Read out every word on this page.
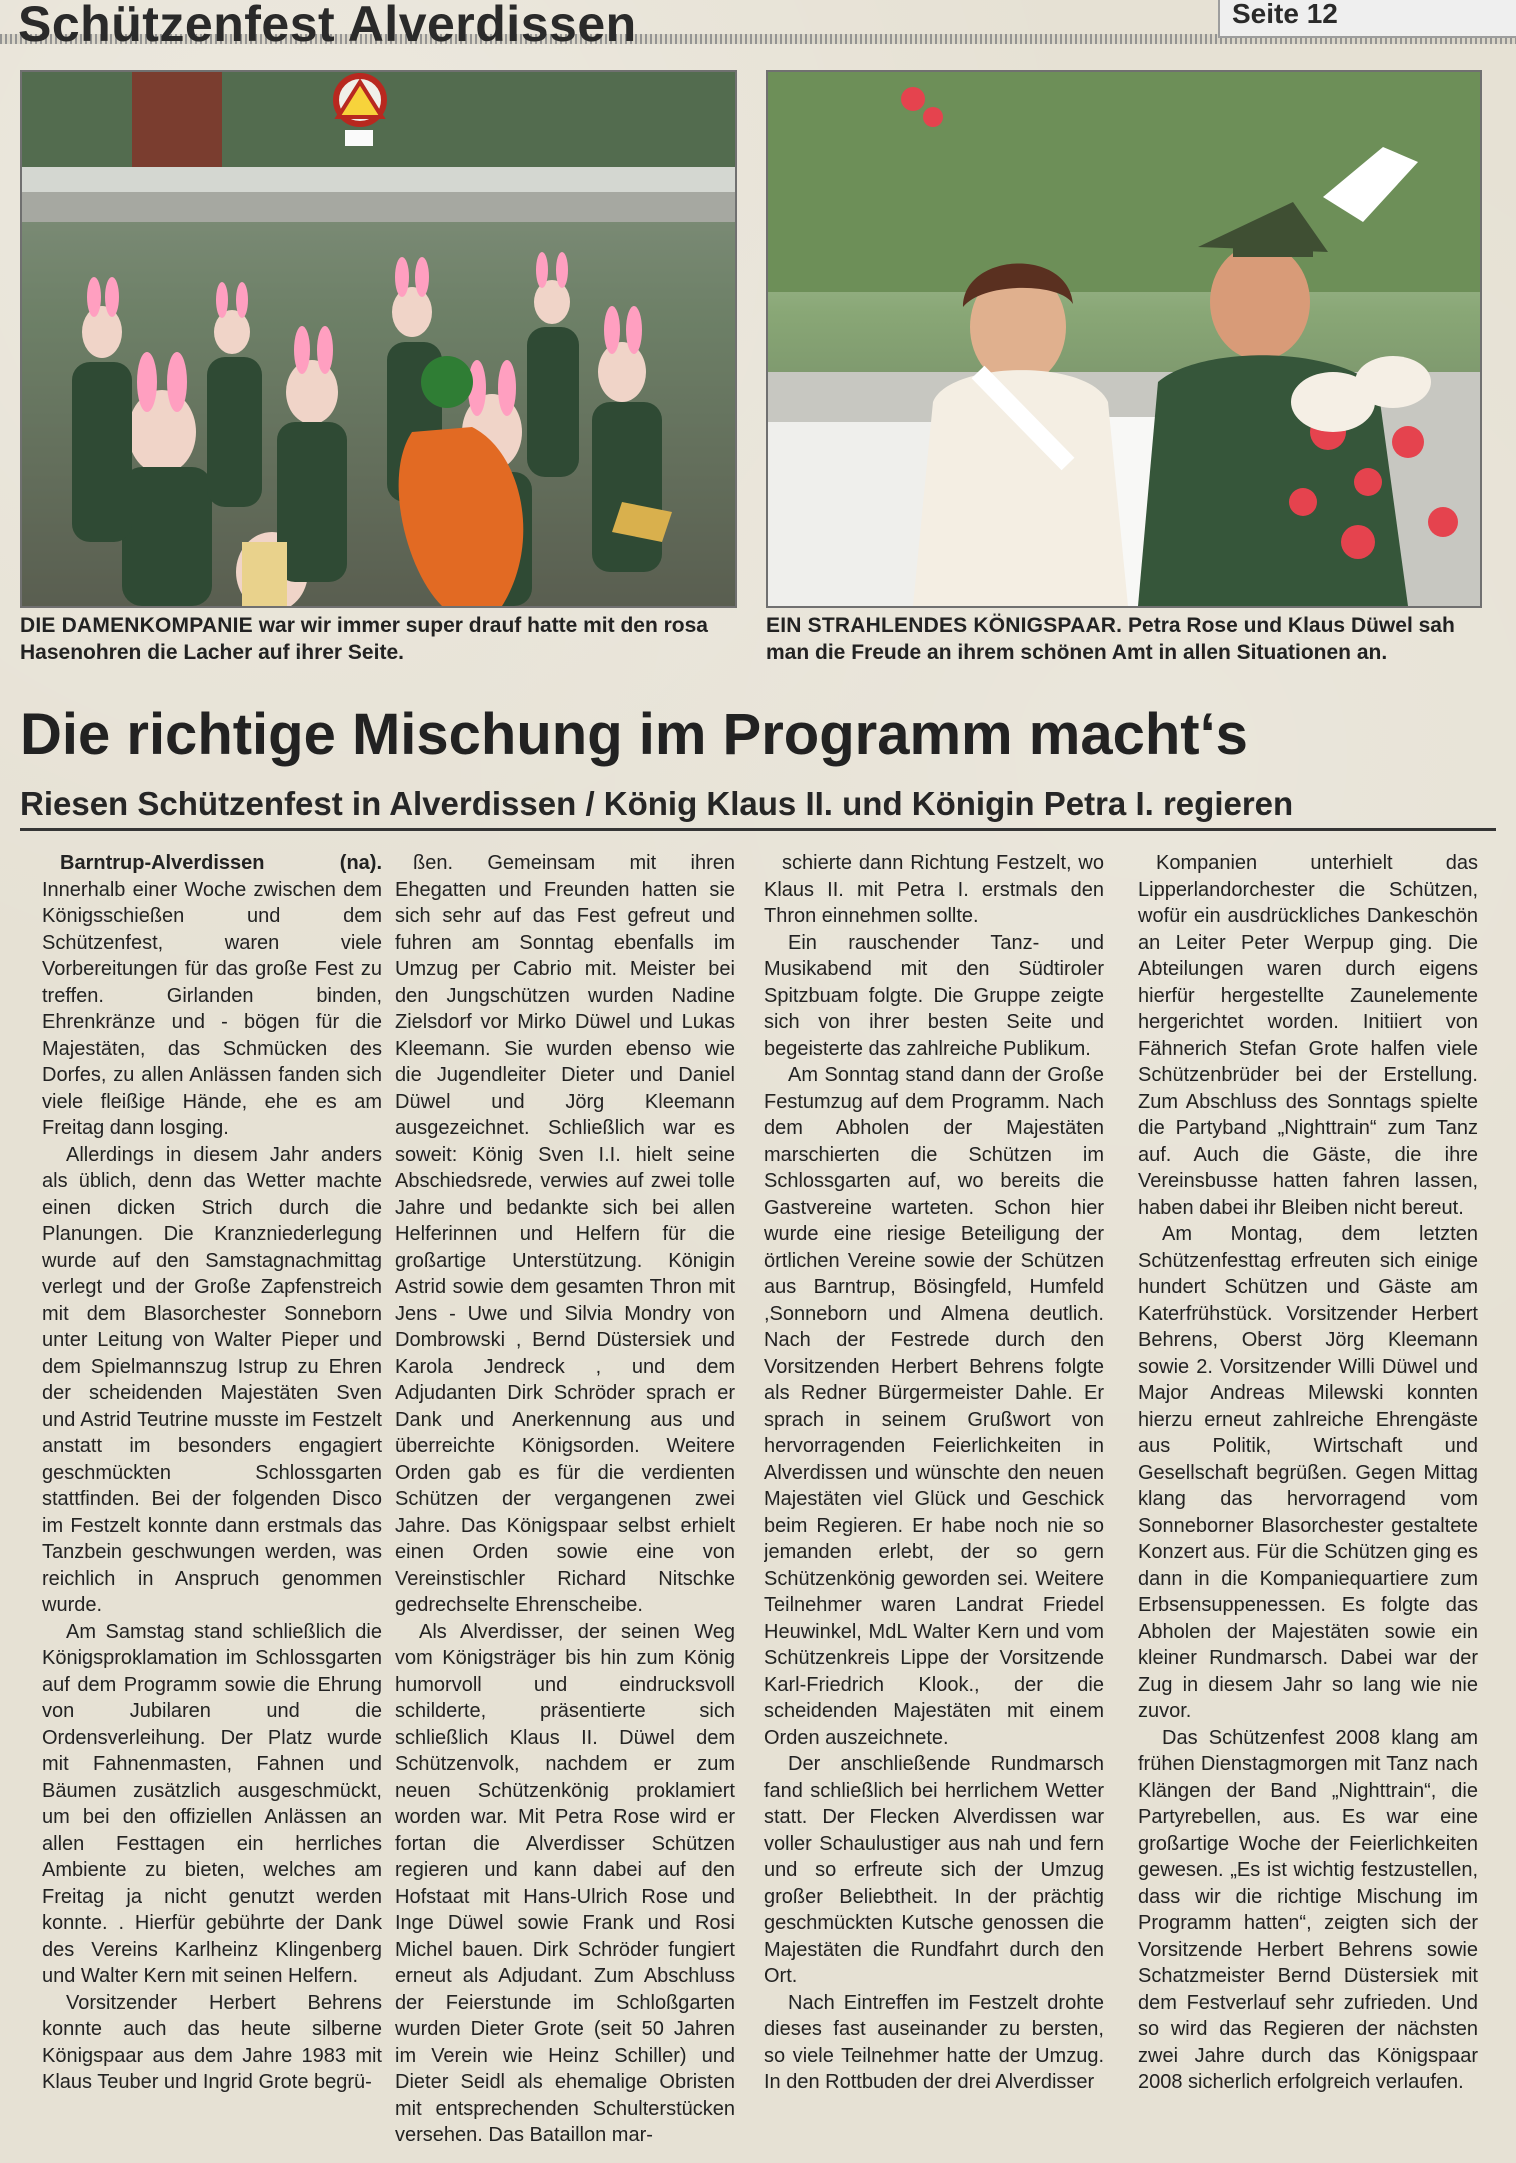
Schützenfest Alverdissen	Seite 12
DIE DAMENKOMPANIE war wir immer super drauf hatte mit den rosa Hasenohren die Lacher auf ihrer Seite.
EIN STRAHLENDES KÖNIGSPAAR. Petra Rose und Klaus Düwel sah man die Freude an ihrem schönen Amt in allen Situationen an.
Die richtige Mischung im Programm macht‘s
Riesen Schützenfest in Alverdissen / König Klaus II. und Königin Petra I. regieren

Barntrup-Alverdissen (na). Innerhalb einer Woche zwischen dem Königsschießen und dem Schützenfest, waren viele Vorbereitungen für das große Fest zu treffen. Girlanden binden, Ehrenkränze und - bögen für die Majestäten, das Schmücken des Dorfes, zu allen Anlässen fanden sich viele fleißige Hände, ehe es am Freitag dann losging.

Allerdings in diesem Jahr anders als üblich, denn das Wetter machte einen dicken Strich durch die Planungen. Die Kranzniederlegung wurde auf den Samstagnachmittag verlegt und der Große Zapfenstreich mit dem Blasorchester Sonneborn unter Leitung von Walter Pieper und dem Spielmannszug Istrup zu Ehren der scheidenden Majestäten Sven und Astrid Teutrine musste im Festzelt anstatt im besonders engagiert geschmückten Schlossgarten stattfinden. Bei der folgenden Disco im Festzelt konnte dann erstmals das Tanzbein geschwungen werden, was reichlich in Anspruch genommen wurde.

Am Samstag stand schließlich die Königsproklamation im Schlossgarten auf dem Programm sowie die Ehrung von Jubilaren und die Ordensverleihung. Der Platz wurde mit Fahnenmasten, Fahnen und Bäumen zusätzlich ausgeschmückt, um bei den offiziellen Anlässen an allen Festtagen ein herrliches Ambiente zu bieten, welches am Freitag ja nicht genutzt werden konnte. . Hierfür gebührte der Dank des Vereins Karlheinz Klingenberg und Walter Kern mit seinen Helfern.

Vorsitzender Herbert Behrens konnte auch das heute silberne Königspaar aus dem Jahre 1983 mit Klaus Teuber und Ingrid Grote begrü-

ßen. Gemeinsam mit ihren Ehegatten und Freunden hatten sie sich sehr auf das Fest gefreut und fuhren am Sonntag ebenfalls im Umzug per Cabrio mit. Meister bei den Jungschützen wurden Nadine Zielsdorf vor Mirko Düwel und Lukas Kleemann. Sie wurden ebenso wie die Jugendleiter Dieter und Daniel Düwel und Jörg Kleemann ausgezeichnet. Schließlich war es soweit: König Sven I.I. hielt seine Abschiedsrede, verwies auf zwei tolle Jahre und bedankte sich bei allen Helferinnen und Helfern für die großartige Unterstützung. Königin Astrid sowie dem gesamten Thron mit Jens - Uwe und Silvia Mondry von Dombrowski , Bernd Düstersiek und Karola Jendreck , und dem Adjudanten Dirk Schröder sprach er Dank und Anerkennung aus und überreichte Königsorden. Weitere Orden gab es für die verdienten Schützen der vergangenen zwei Jahre. Das Königspaar selbst erhielt einen Orden sowie eine von Vereinstischler Richard Nitschke gedrechselte Ehrenscheibe.

Als Alverdisser, der seinen Weg vom Königsträger bis hin zum König humorvoll und eindrucksvoll schilderte, präsentierte sich schließlich Klaus II. Düwel dem Schützenvolk, nachdem er zum neuen Schützenkönig proklamiert worden war. Mit Petra Rose wird er fortan die Alverdisser Schützen regieren und kann dabei auf den Hofstaat mit Hans-Ulrich Rose und Inge Düwel sowie Frank und Rosi Michel bauen. Dirk Schröder fungiert erneut als Adjudant. Zum Abschluss der Feierstunde im Schloßgarten wurden Dieter Grote (seit 50 Jahren im Verein wie Heinz Schiller) und Dieter Seidl als ehemalige Obristen mit entsprechenden Schulterstücken versehen. Das Bataillon mar-

schierte dann Richtung Festzelt, wo Klaus II. mit Petra I. erstmals den Thron einnehmen sollte.

Ein rauschender Tanz- und Musikabend mit den Südtiroler Spitzbuam folgte. Die Gruppe zeigte sich von ihrer besten Seite und begeisterte das zahlreiche Publikum.

Am Sonntag stand dann der Große Festumzug auf dem Programm. Nach dem Abholen der Majestäten marschierten die Schützen im Schlossgarten auf, wo bereits die Gastvereine warteten. Schon hier wurde eine riesige Beteiligung der örtlichen Vereine sowie der Schützen aus Barntrup, Bösingfeld, Humfeld ,Sonneborn und Almena deutlich. Nach der Festrede durch den Vorsitzenden Herbert Behrens folgte als Redner Bürgermeister Dahle. Er sprach in seinem Grußwort von hervorragenden Feierlichkeiten in Alverdissen und wünschte den neuen Majestäten viel Glück und Geschick beim Regieren. Er habe noch nie so jemanden erlebt, der so gern Schützenkönig geworden sei. Weitere Teilnehmer waren Landrat Friedel Heuwinkel, MdL Walter Kern und vom Schützenkreis Lippe der Vorsitzende Karl-Friedrich Klook., der die scheidenden Majestäten mit einem Orden auszeichnete.

Der anschließende Rundmarsch fand schließlich bei herrlichem Wetter statt. Der Flecken Alverdissen war voller Schaulustiger aus nah und fern und so erfreute sich der Umzug großer Beliebtheit. In der prächtig geschmückten Kutsche genossen die Majestäten die Rundfahrt durch den Ort.

Nach Eintreffen im Festzelt drohte dieses fast auseinander zu bersten, so viele Teilnehmer hatte der Umzug. In den Rottbuden der drei Alverdisser

Kompanien unterhielt das Lipperlandorchester die Schützen, wofür ein ausdrückliches Dankeschön an Leiter Peter Werpup ging. Die Abteilungen waren durch eigens hierfür hergestellte Zaunelemente hergerichtet worden. Initiiert von Fähnerich Stefan Grote halfen viele Schützenbrüder bei der Erstellung. Zum Abschluss des Sonntags spielte die Partyband „Nighttrain“ zum Tanz auf. Auch die Gäste, die ihre Vereinsbusse hatten fahren lassen, haben dabei ihr Bleiben nicht bereut.

Am Montag, dem letzten Schützenfesttag erfreuten sich einige hundert Schützen und Gäste am Katerfrühstück. Vorsitzender Herbert Behrens, Oberst Jörg Kleemann sowie 2. Vorsitzender Willi Düwel und Major Andreas Milewski konnten hierzu erneut zahlreiche Ehrengäste aus Politik, Wirtschaft und Gesellschaft begrüßen. Gegen Mittag klang das hervorragend vom Sonneborner Blasorchester gestaltete Konzert aus. Für die Schützen ging es dann in die Kompaniequartiere zum Erbsensuppenessen. Es folgte das Abholen der Majestäten sowie ein kleiner Rundmarsch. Dabei war der Zug in diesem Jahr so lang wie nie zuvor.

Das Schützenfest 2008 klang am frühen Dienstagmorgen mit Tanz nach Klängen der Band „Nighttrain“, die Partyrebellen, aus. Es war eine großartige Woche der Feierlichkeiten gewesen. „Es ist wichtig festzustellen, dass wir die richtige Mischung im Programm hatten“, zeigten sich der Vorsitzende Herbert Behrens sowie Schatzmeister Bernd Düstersiek mit dem Festverlauf sehr zufrieden. Und so wird das Regieren der nächsten zwei Jahre durch das Königspaar 2008 sicherlich erfolgreich verlaufen.
